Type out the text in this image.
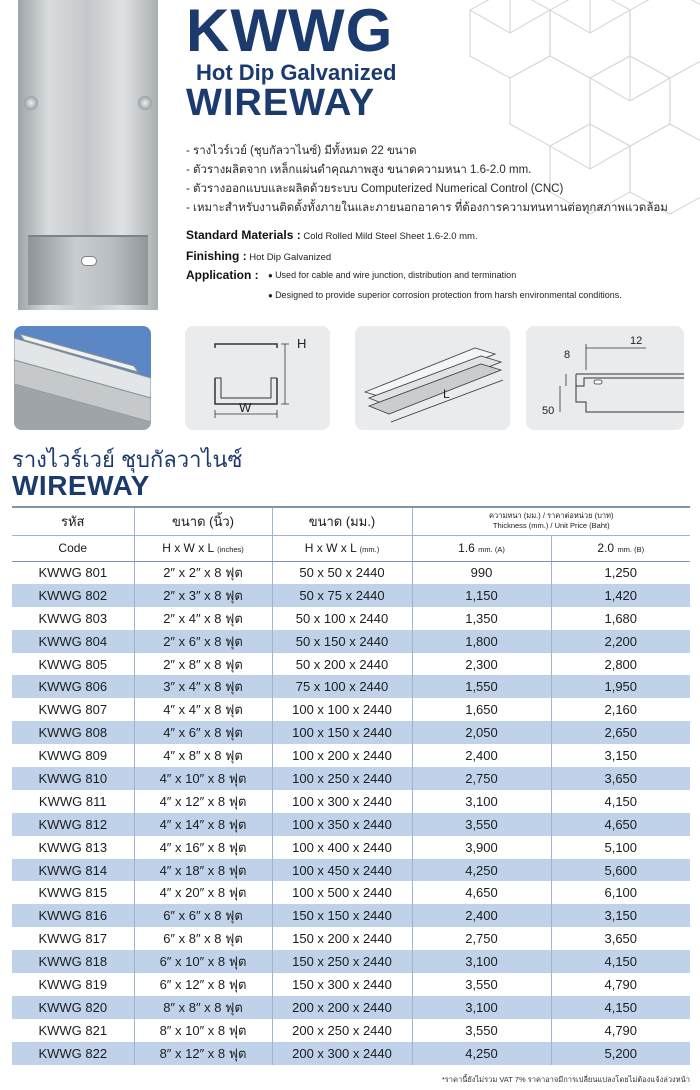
KWWG
Hot Dip Galvanized
WIREWAY
- รางไวร์เวย์ (ชุบกัลวาไนซ์) มีทั้งหมด 22 ขนาด
- ตัวรางผลิตจาก เหล็กแผ่นดำคุณภาพสูง ขนาดความหนา 1.6-2.0 mm.
- ตัวรางออกแบบและผลิตด้วยระบบ Computerized Numerical Control (CNC)
- เหมาะสำหรับงานติดตั้งทั้งภายในและภายนอกอาคาร ที่ต้องการความทนทานต่อทุกสภาพแวดล้อม
Standard Materials : Cold Rolled Mild Steel Sheet 1.6-2.0 mm.
Finishing : Hot Dip Galvanized
Application :	● Used for cable and wire junction, distribution and termination
● Designed to provide superior corrosion protection from harsh environmental conditions.
H
W
L
12
8
50
รางไวร์เวย์ ชุบกัลวาไนซ์
WIREWAY
รหัส	ขนาด (นิ้ว)	ขนาด (มม.)	ความหนา (มม.) / ราคาต่อหน่วย (บาท)
Thickness (mm.) / Unit Price (Baht)	

Code	H x W x L (inches)	H x W x L (mm.)	1.6 mm. (A)	2.0 mm. (B)
KWWG 801	2″ x 2″ x 8 ฟุต	50 x 50 x 2440	990	1,250
KWWG 802	2″ x 3″ x 8 ฟุต	50 x 75 x 2440	1,150	1,420
KWWG 803	2″ x 4″ x 8 ฟุต	50 x 100 x 2440	1,350	1,680
KWWG 804	2″ x 6″ x 8 ฟุต	50 x 150 x 2440	1,800	2,200
KWWG 805	2″ x 8″ x 8 ฟุต	50 x 200 x 2440	2,300	2,800
KWWG 806	3″ x 4″ x 8 ฟุต	75 x 100 x 2440	1,550	1,950
KWWG 807	4″ x 4″ x 8 ฟุต	100 x 100 x 2440	1,650	2,160
KWWG 808	4″ x 6″ x 8 ฟุต	100 x 150 x 2440	2,050	2,650
KWWG 809	4″ x 8″ x 8 ฟุต	100 x 200 x 2440	2,400	3,150
KWWG 810	4″ x 10″ x 8 ฟุต	100 x 250 x 2440	2,750	3,650
KWWG 811	4″ x 12″ x 8 ฟุต	100 x 300 x 2440	3,100	4,150
KWWG 812	4″ x 14″ x 8 ฟุต	100 x 350 x 2440	3,550	4,650
KWWG 813	4″ x 16″ x 8 ฟุต	100 x 400 x 2440	3,900	5,100
KWWG 814	4″ x 18″ x 8 ฟุต	100 x 450 x 2440	4,250	5,600
KWWG 815	4″ x 20″ x 8 ฟุต	100 x 500 x 2440	4,650	6,100
KWWG 816	6″ x 6″ x 8 ฟุต	150 x 150 x 2440	2,400	3,150
KWWG 817	6″ x 8″ x 8 ฟุต	150 x 200 x 2440	2,750	3,650
KWWG 818	6″ x 10″ x 8 ฟุต	150 x 250 x 2440	3,100	4,150
KWWG 819	6″ x 12″ x 8 ฟุต	150 x 300 x 2440	3,550	4,790
KWWG 820	8″ x 8″ x 8 ฟุต	200 x 200 x 2440	3,100	4,150
KWWG 821	8″ x 10″ x 8 ฟุต	200 x 250 x 2440	3,550	4,790
KWWG 822	8″ x 12″ x 8 ฟุต	200 x 300 x 2440	4,250	5,200
*ราคานี้ยังไม่รวม VAT 7% ราคาอาจมีการเปลี่ยนแปลงโดยไม่ต้องแจ้งล่วงหน้า
